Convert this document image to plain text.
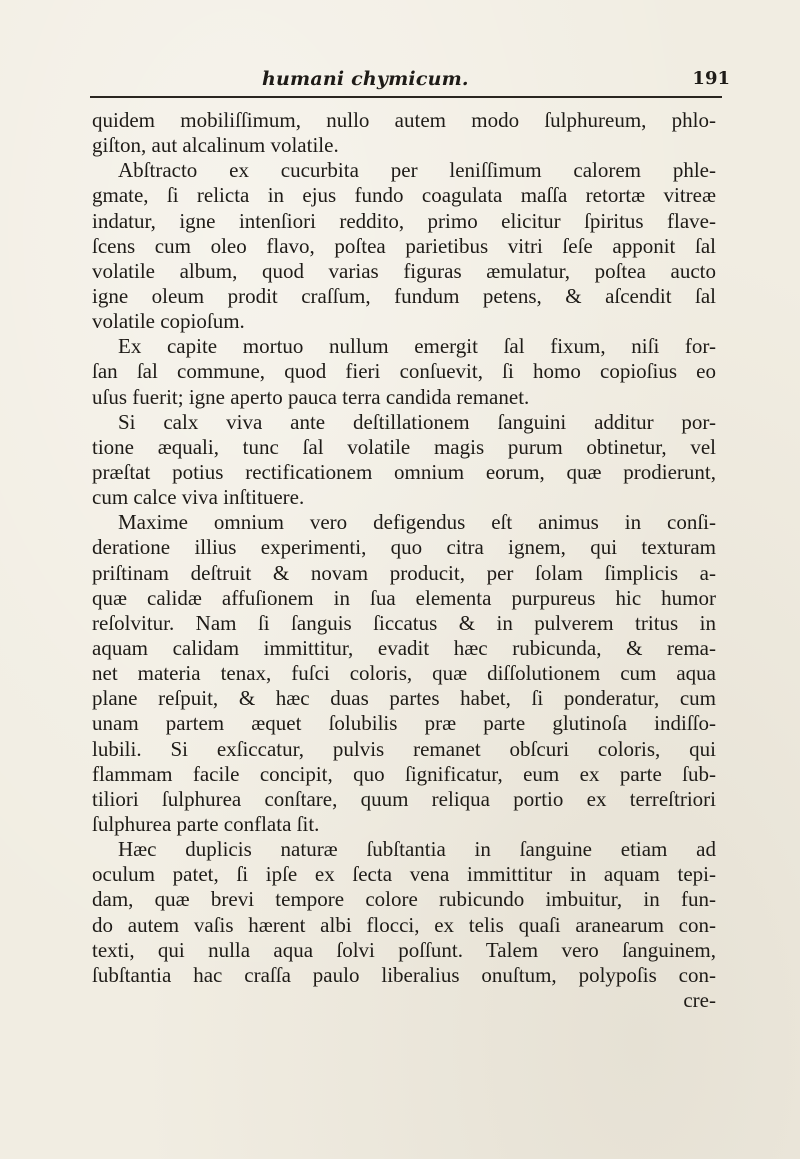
humani chymicum.	191
quidem mobiliſſimum, nullo autem modo ſulphureum, phlo-
giſton, aut alcalinum volatile.
Abſtracto ex cucurbita per leniſſimum calorem phle-
gmate, ſi relicta in ejus fundo coagulata maſſa retortæ vitreæ
indatur, igne intenſiori reddito, primo elicitur ſpiritus flave-
ſcens cum oleo flavo, poſtea parietibus vitri ſeſe apponit ſal
volatile album, quod varias figuras æmulatur, poſtea aucto
igne oleum prodit craſſum, fundum petens, & aſcendit ſal
volatile copioſum.
Ex capite mortuo nullum emergit ſal fixum, niſi for-
ſan ſal commune, quod fieri conſuevit, ſi homo copioſius eo
uſus fuerit; igne aperto pauca terra candida remanet.
Si calx viva ante deſtillationem ſanguini additur por-
tione æquali, tunc ſal volatile magis purum obtinetur, vel
præſtat potius rectificationem omnium eorum, quæ prodierunt,
cum calce viva inſtituere.
Maxime omnium vero defigendus eſt animus in conſi-
deratione illius experimenti, quo citra ignem, qui texturam
priſtinam deſtruit & novam producit, per ſolam ſimplicis a-
quæ calidæ affuſionem in ſua elementa purpureus hic humor
reſolvitur. Nam ſi ſanguis ſiccatus & in pulverem tritus in
aquam calidam immittitur, evadit hæc rubicunda, & rema-
net materia tenax, fuſci coloris, quæ diſſolutionem cum aqua
plane reſpuit, & hæc duas partes habet, ſi ponderatur, cum
unam partem æquet ſolubilis præ parte glutinoſa indiſſo-
lubili. Si exſiccatur, pulvis remanet obſcuri coloris, qui
flammam facile concipit, quo ſignificatur, eum ex parte ſub-
tiliori ſulphurea conſtare, quum reliqua portio ex terreſtriori
ſulphurea parte conflata ſit.
Hæc duplicis naturæ ſubſtantia in ſanguine etiam ad
oculum patet, ſi ipſe ex ſecta vena immittitur in aquam tepi-
dam, quæ brevi tempore colore rubicundo imbuitur, in fun-
do autem vaſis hærent albi flocci, ex telis quaſi aranearum con-
texti, qui nulla aqua ſolvi poſſunt. Talem vero ſanguinem,
ſubſtantia hac craſſa paulo liberalius onuſtum, polypoſis con-
cre-
